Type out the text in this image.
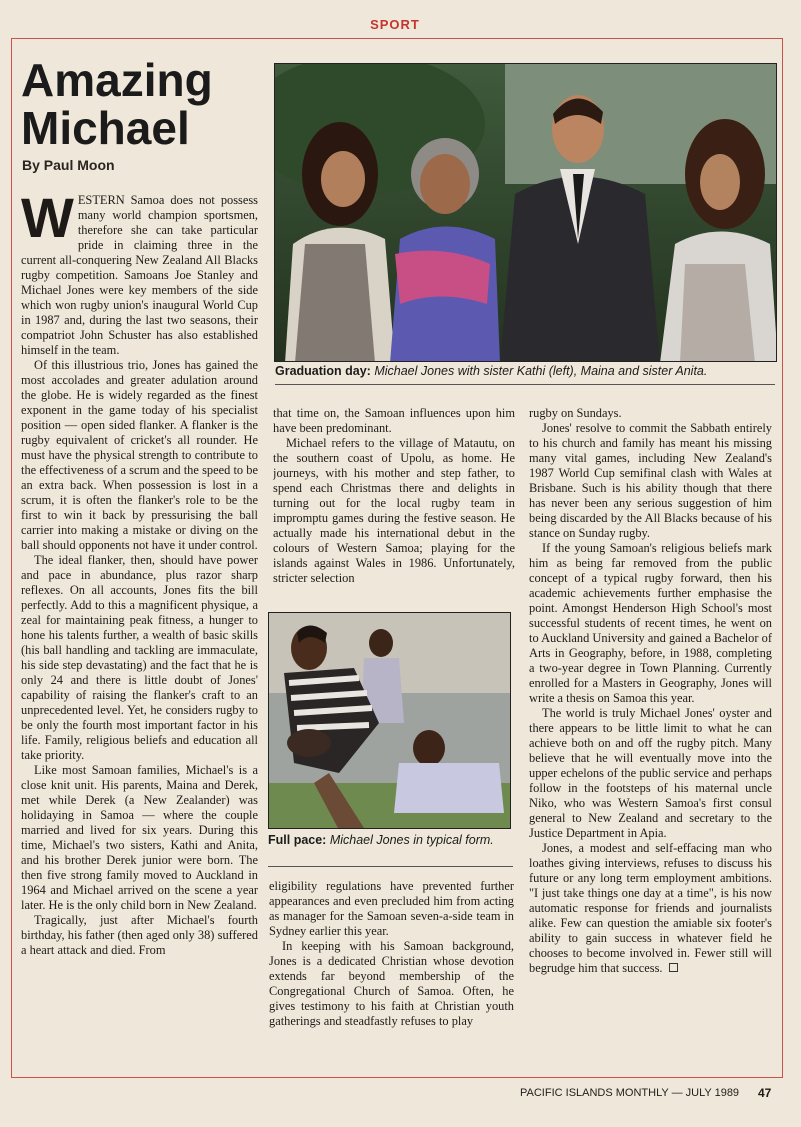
SPORT
Amazing Michael
By Paul Moon

WESTERN Samoa does not possess many world champion sportsmen, therefore she can take particular pride in claiming three in the current all-conquering New Zealand All Blacks rugby competition. Samoans Joe Stanley and Michael Jones were key members of the side which won rugby union's inaugural World Cup in 1987 and, during the last two seasons, their compatriot John Schuster has also established himself in the team.

Of this illustrious trio, Jones has gained the most accolades and greater adulation around the globe. He is widely regarded as the finest exponent in the game today of his specialist position — open sided flanker. A flanker is the rugby equivalent of cricket's all rounder. He must have the physical strength to contribute to the effectiveness of a scrum and the speed to be an extra back. When possession is lost in a scrum, it is often the flanker's role to be the first to win it back by pressurising the ball carrier into making a mistake or diving on the ball should opponents not have it under control.

The ideal flanker, then, should have power and pace in abundance, plus razor sharp reflexes. On all accounts, Jones fits the bill perfectly. Add to this a magnificent physique, a zeal for maintaining peak fitness, a hunger to hone his talents further, a wealth of basic skills (his ball handling and tackling are immaculate, his side step devastating) and the fact that he is only 24 and there is little doubt of Jones' capability of raising the flanker's craft to an unprecedented level. Yet, he considers rugby to be only the fourth most important factor in his life. Family, religious beliefs and education all take priority.

Like most Samoan families, Michael's is a close knit unit. His parents, Maina and Derek, met while Derek (a New Zealander) was holidaying in Samoa — where the couple married and lived for six years. During this time, Michael's two sisters, Kathi and Anita, and his brother Derek junior were born. The then five strong family moved to Auckland in 1964 and Michael arrived on the scene a year later. He is the only child born in New Zealand.

Tragically, just after Michael's fourth birthday, his father (then aged only 38) suffered a heart attack and died. From

Graduation day: Michael Jones with sister Kathi (left), Maina and sister Anita.

that time on, the Samoan influences upon him have been predominant.

Michael refers to the village of Matautu, on the southern coast of Upolu, as home. He journeys, with his mother and step father, to spend each Christmas there and delights in turning out for the local rugby team in impromptu games during the festive season. He actually made his international debut in the colours of Western Samoa; playing for the islands against Wales in 1986. Unfortunately, stricter selection

Full pace: Michael Jones in typical form.

eligibility regulations have prevented further appearances and even precluded him from acting as manager for the Samoan seven-a-side team in Sydney earlier this year.

In keeping with his Samoan background, Jones is a dedicated Christian whose devotion extends far beyond membership of the Congregational Church of Samoa. Often, he gives testimony to his faith at Christian youth gatherings and steadfastly refuses to play

rugby on Sundays.

Jones' resolve to commit the Sabbath entirely to his church and family has meant his missing many vital games, including New Zealand's 1987 World Cup semifinal clash with Wales at Brisbane. Such is his ability though that there has never been any serious suggestion of him being discarded by the All Blacks because of his stance on Sunday rugby.

If the young Samoan's religious beliefs mark him as being far removed from the public concept of a typical rugby forward, then his academic achievements further emphasise the point. Amongst Henderson High School's most successful students of recent times, he went on to Auckland University and gained a Bachelor of Arts in Geography, before, in 1988, completing a two-year degree in Town Planning. Currently enrolled for a Masters in Geography, Jones will write a thesis on Samoa this year.

The world is truly Michael Jones' oyster and there appears to be little limit to what he can achieve both on and off the rugby pitch. Many believe that he will eventually move into the upper echelons of the public service and perhaps follow in the footsteps of his maternal uncle Niko, who was Western Samoa's first consul general to New Zealand and secretary to the Justice Department in Apia.

Jones, a modest and self-effacing man who loathes giving interviews, refuses to discuss his future or any long term employment ambitions. "I just take things one day at a time", is his now automatic response for friends and journalists alike. Few can question the amiable six footer's ability to gain success in whatever field he chooses to become involved in. Fewer still will begrudge him that success.

PACIFIC ISLANDS MONTHLY — JULY 1989 47
